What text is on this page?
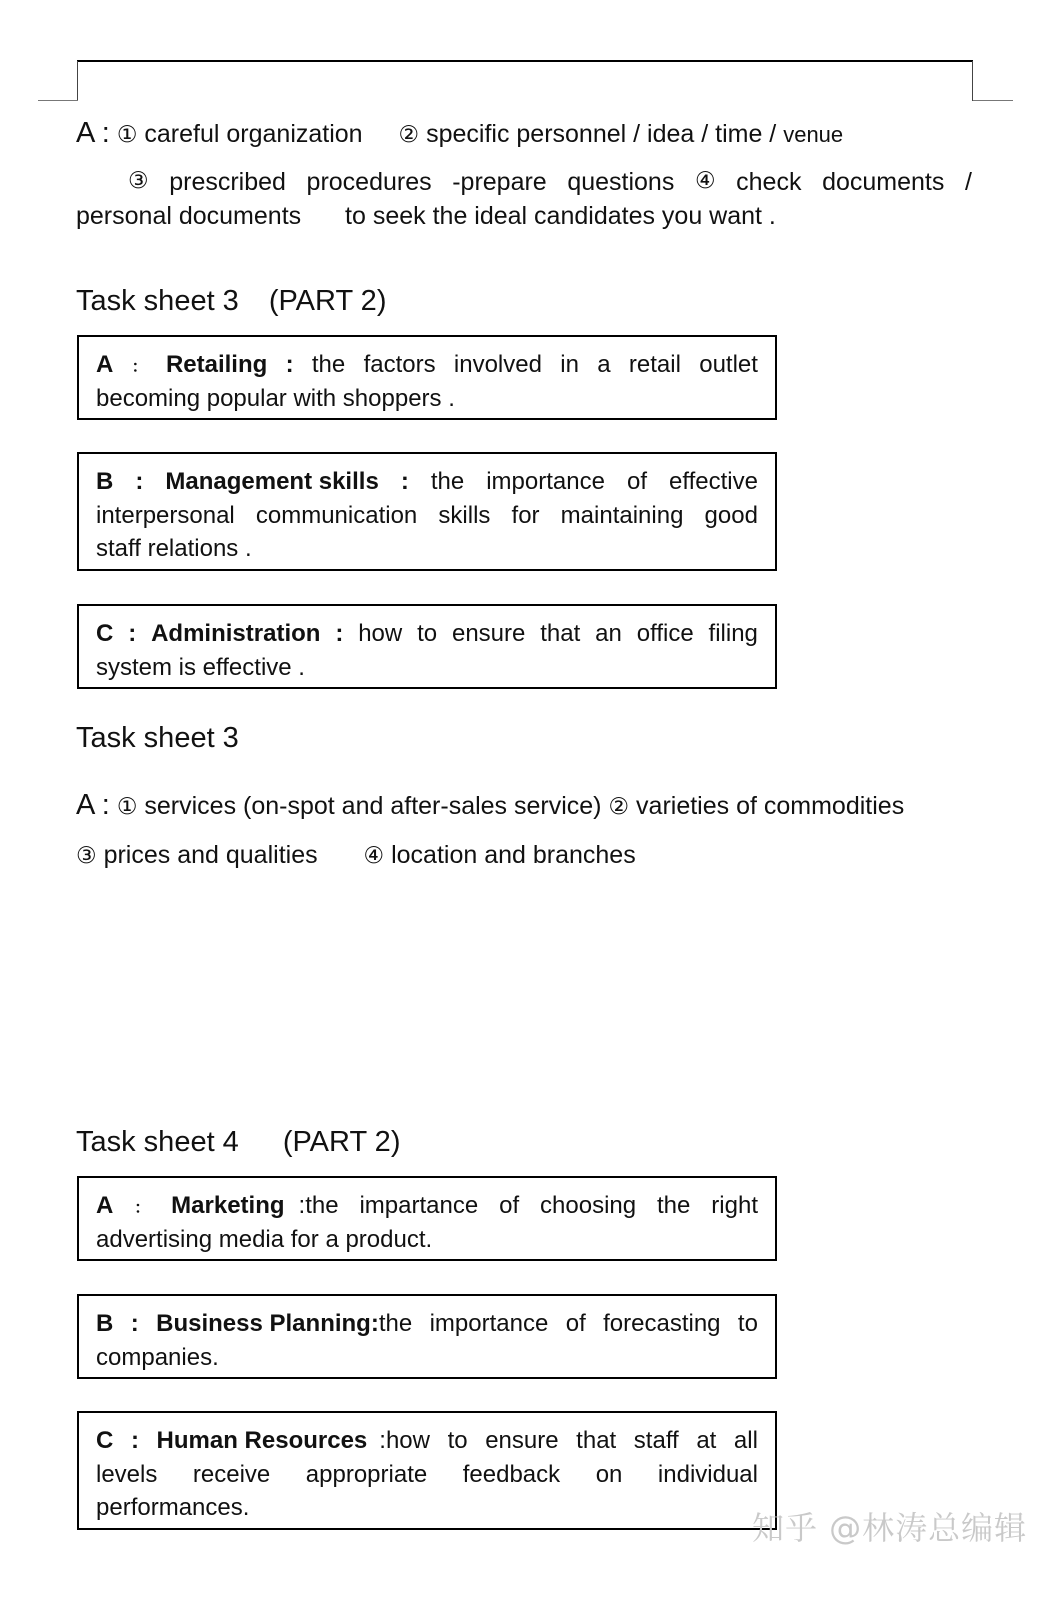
A : ① careful organization ② specific personnel / idea / time / venue
③ prescribed procedures -prepare questions ④ check documents /
personal documents to seek the ideal candidates you want .
Task sheet 3 (PART 2)
A ： Retailing : the factors involved in a retail outlet
becoming popular with shoppers .
B : Management skills : the importance of effective
interpersonal communication skills for maintaining good
staff relations .
C : Administration : how to ensure that an office filing
system is effective .
Task sheet 3
A : ① services (on-spot and after-sales service) ② varieties of commodities
③ prices and qualities ④ location and branches
Task sheet 4 (PART 2)
A ： Marketing :the impartance of choosing the right
advertising media for a product.
B : Business Planning:the importance of forecasting to
companies.
C : Human Resources :how to ensure that staff at all
levels receive appropriate feedback on individual
performances.
知乎 @林涛总编辑
